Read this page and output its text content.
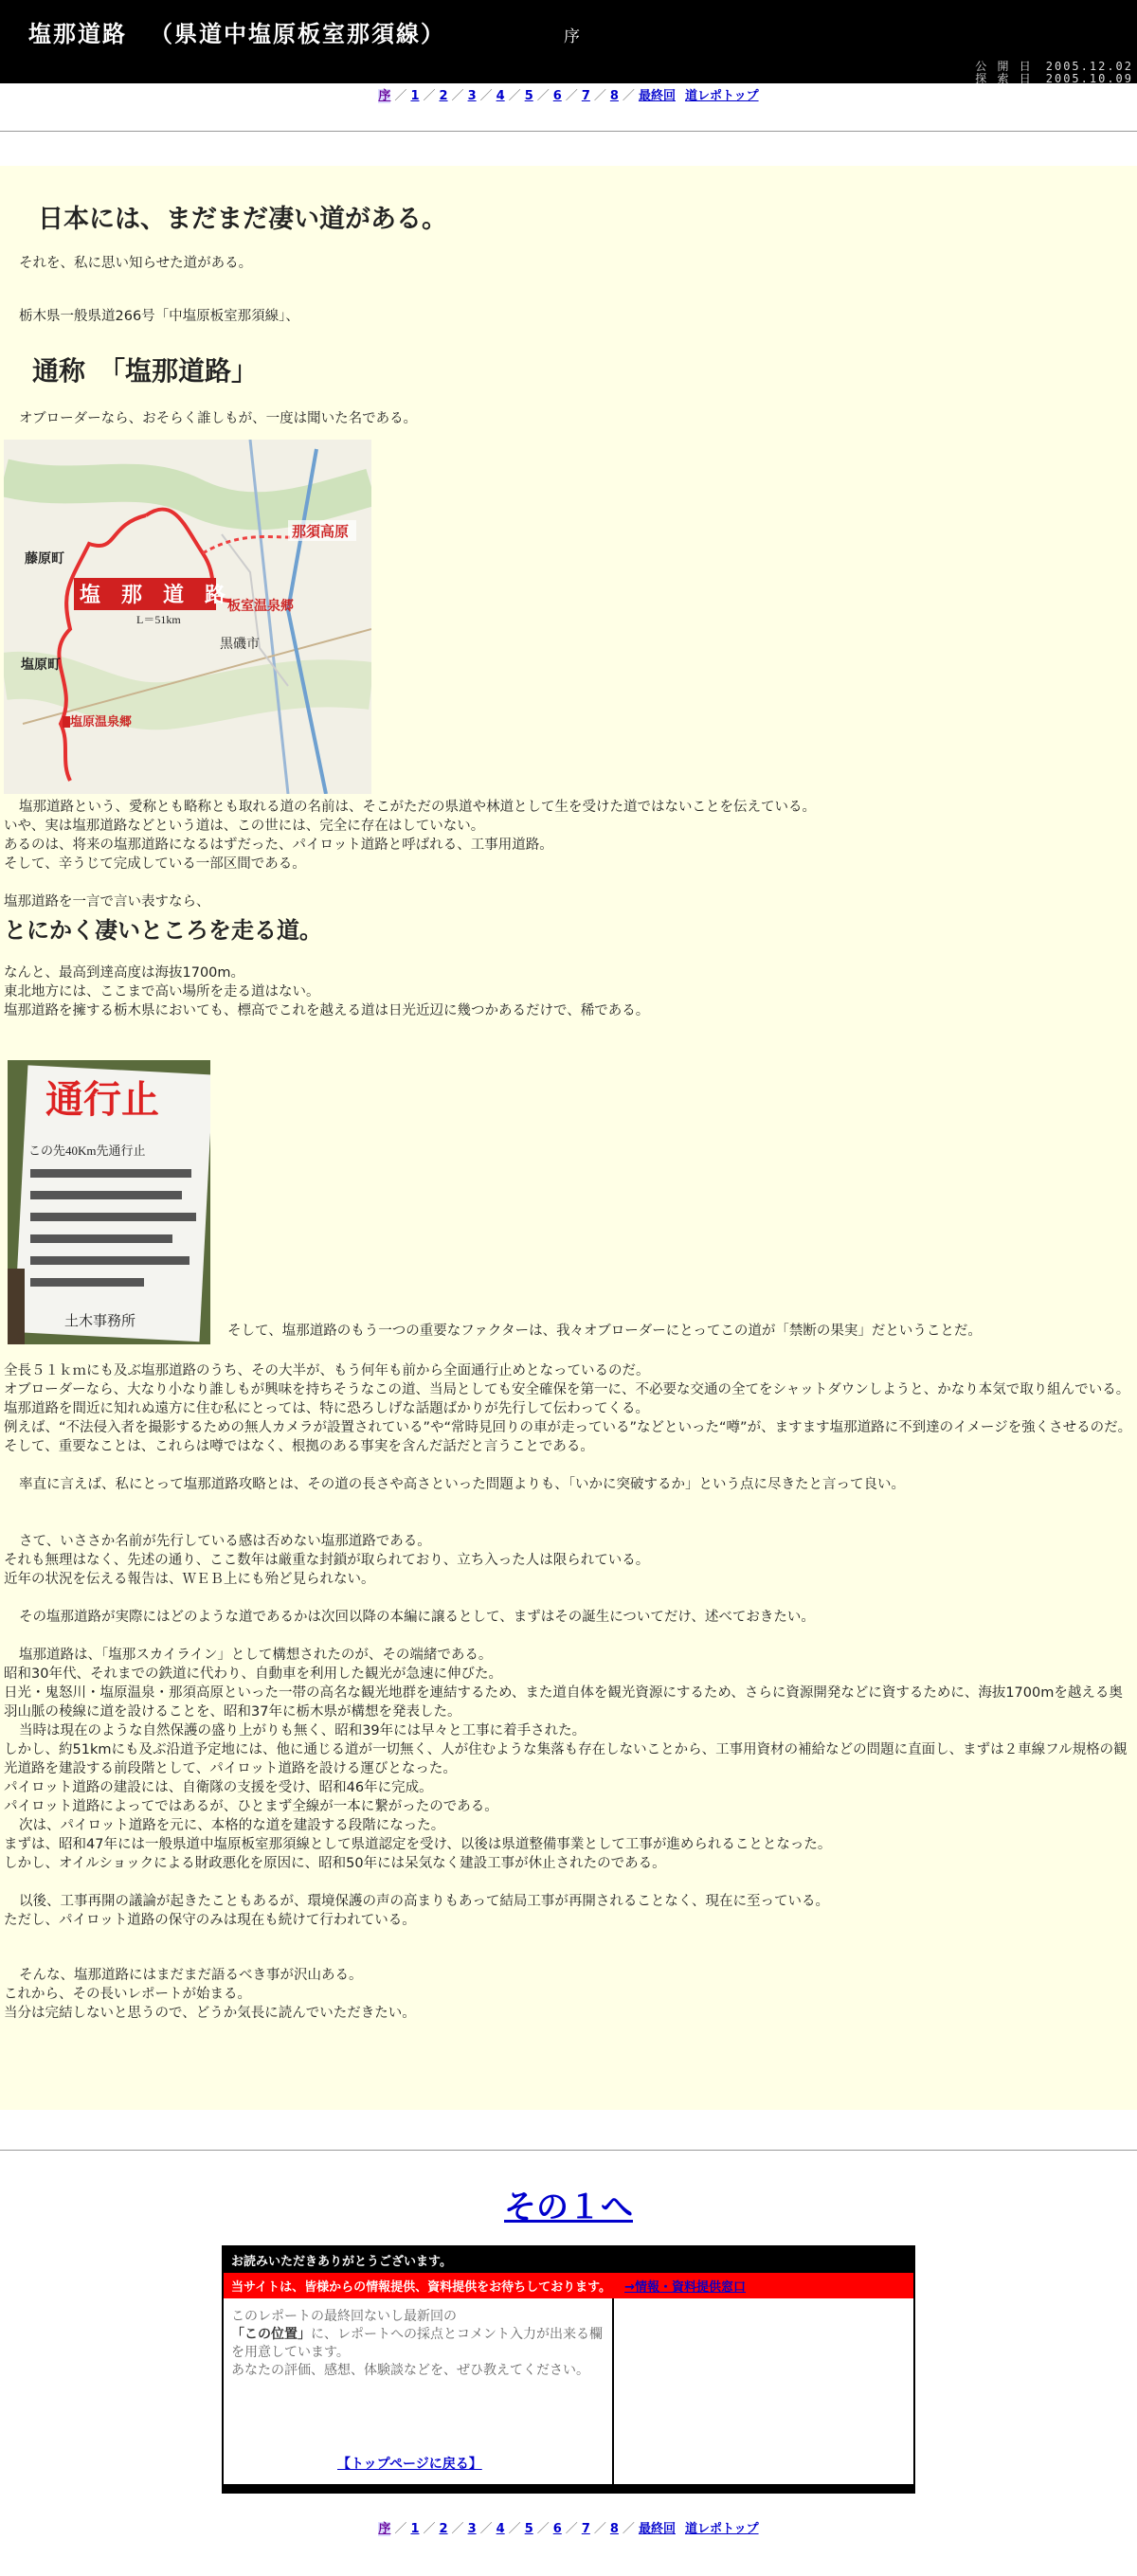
塩那道路 （県道中塩原板室那須線）	序
公 開 日　 2005.12.02
探 索 日　 2005.10.09
序 ／ 1 ／ 2 ／ 3 ／ 4 ／ 5 ／ 6 ／ 7 ／ 8 ／ 最終回 道レポトップ
日本には、まだまだ凄い道がある。

それを、私に思い知らせた道がある。

栃木県一般県道266号「中塩原板室那須線」、

通称　「塩那道路」

オブローダーなら、おそらく誰しもが、一度は聞いた名である。

那須高原
板室温泉郷
塩　那　道　路
L＝51km
藤原町
塩原町
黒磯市
塩原温泉郷

塩那道路という、愛称とも略称とも取れる道の名前は、そこがただの県道や林道として生を受けた道ではないことを伝えている。

いや、実は塩那道路などという道は、この世には、完全に存在はしていない。

あるのは、将来の塩那道路になるはずだった、パイロット道路と呼ばれる、工事用道路。

そして、辛うじて完成している一部区間である。

塩那道路を一言で言い表すなら、

とにかく凄いところを走る道。

なんと、最高到達高度は海抜1700m。

東北地方には、ここまで高い場所を走る道はない。

塩那道路を擁する栃木県においても、標高でこれを越える道は日光近辺に幾つかあるだけで、稀である。

通行止
この先40Km先通行止
土木事務所

そして、塩那道路のもう一つの重要なファクターは、我々オブローダーにとってこの道が「禁断の果実」だということだ。

全長５１ｋｍにも及ぶ塩那道路のうち、その大半が、もう何年も前から全面通行止めとなっているのだ。

オブローダーなら、大なり小なり誰しもが興味を持ちそうなこの道、当局としても安全確保を第一に、不必要な交通の全てをシャットダウンしようと、かなり本気で取り組んでいる。

塩那道路を間近に知れぬ遠方に住む私にとっては、特に恐ろしげな話題ばかりが先行して伝わってくる。

例えば、“不法侵入者を撮影するための無人カメラが設置されている”や“常時見回りの車が走っている”などといった“噂”が、ますます塩那道路に不到達のイメージを強くさせるのだ。

そして、重要なことは、これらは噂ではなく、根拠のある事実を含んだ話だと言うことである。

率直に言えば、私にとって塩那道路攻略とは、その道の長さや高さといった問題よりも、「いかに突破するか」という点に尽きたと言って良い。

さて、いささか名前が先行している感は否めない塩那道路である。

それも無理はなく、先述の通り、ここ数年は厳重な封鎖が取られており、立ち入った人は限られている。

近年の状況を伝える報告は、ＷＥＢ上にも殆ど見られない。

その塩那道路が実際にはどのような道であるかは次回以降の本編に譲るとして、まずはその誕生についてだけ、述べておきたい。

塩那道路は、「塩那スカイライン」として構想されたのが、その端緒である。

昭和30年代、それまでの鉄道に代わり、自動車を利用した観光が急速に伸びた。

日光・鬼怒川・塩原温泉・那須高原といった一帯の高名な観光地群を連結するため、また道自体を観光資源にするため、さらに資源開発などに資するために、海抜1700mを越える奥羽山脈の稜線に道を設けることを、昭和37年に栃木県が構想を発表した。

当時は現在のような自然保護の盛り上がりも無く、昭和39年には早々と工事に着手された。

しかし、約51kmにも及ぶ沿道予定地には、他に通じる道が一切無く、人が住むような集落も存在しないことから、工事用資材の補給などの問題に直面し、まずは２車線フル規格の観光道路を建設する前段階として、パイロット道路を設ける運びとなった。

パイロット道路の建設には、自衛隊の支援を受け、昭和46年に完成。

パイロット道路によってではあるが、ひとまず全線が一本に繋がったのである。

次は、パイロット道路を元に、本格的な道を建設する段階になった。

まずは、昭和47年には一般県道中塩原板室那須線として県道認定を受け、以後は県道整備事業として工事が進められることとなった。

しかし、オイルショックによる財政悪化を原因に、昭和50年には呆気なく建設工事が休止されたのである。

以後、工事再開の議論が起きたこともあるが、環境保護の声の高まりもあって結局工事が再開されることなく、現在に至っている。

ただし、パイロット道路の保守のみは現在も続けて行われている。

そんな、塩那道路にはまだまだ語るべき事が沢山ある。

これから、その長いレポートが始まる。

当分は完結しないと思うので、どうか気長に読んでいただきたい。

その１へ
お読みいただきありがとうございます。
当サイトは、皆様からの情報提供、資料提供をお待ちしております。 →情報・資料提供窓口
このレポートの最終回ないし最新回の
「この位置」に、レポートへの採点とコメント入力が出来る欄を用意しています。
あなたの評価、感想、体験談などを、ぜひ教えてください。
【トップページに戻る】
序 ／ 1 ／ 2 ／ 3 ／ 4 ／ 5 ／ 6 ／ 7 ／ 8 ／ 最終回 道レポトップ
